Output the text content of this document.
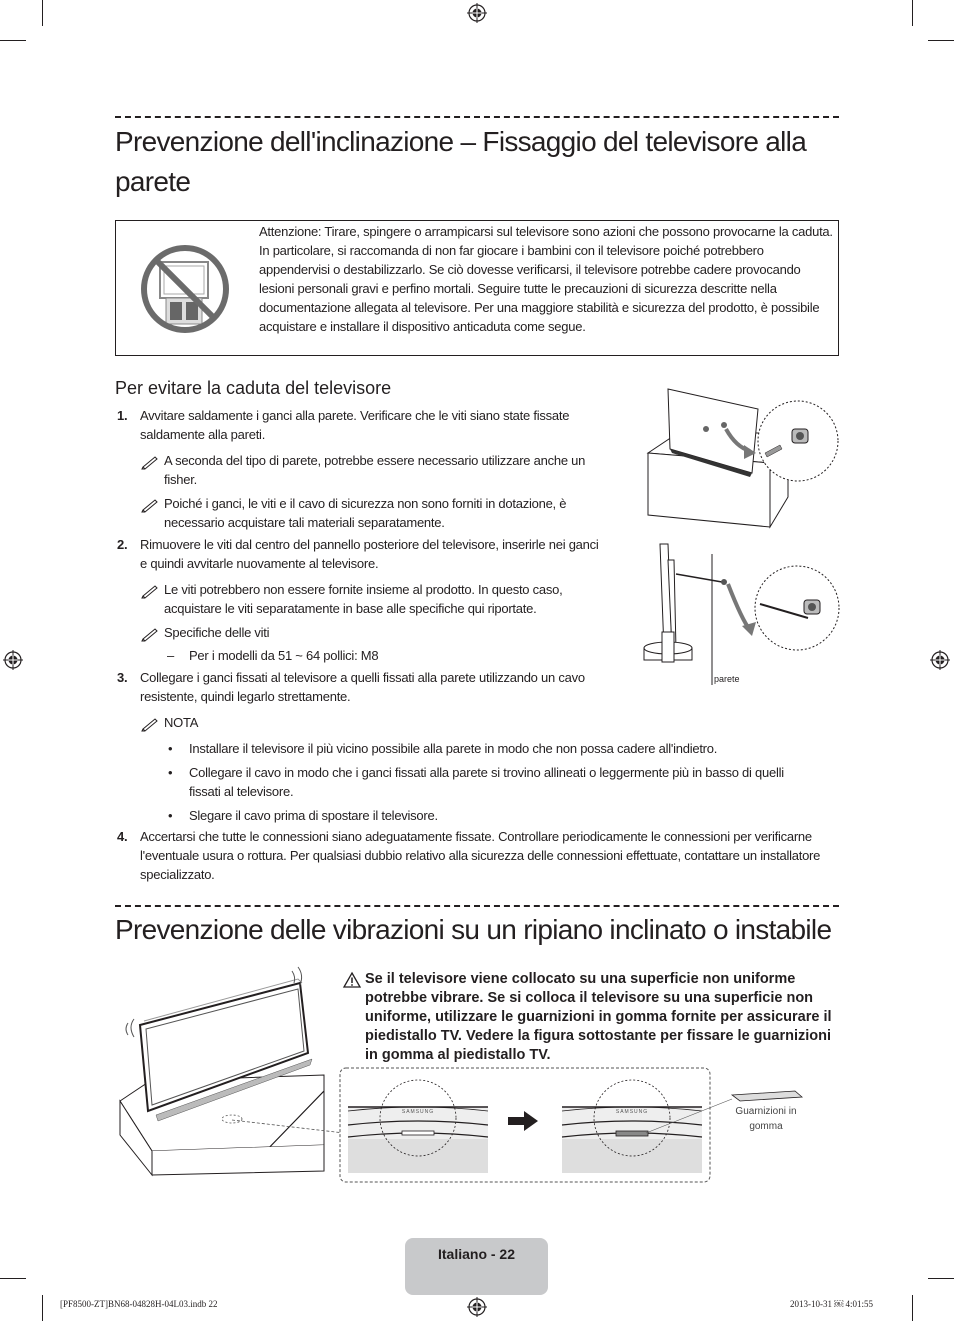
Prevenzione dell'inclinazione – Fissaggio del televisore alla parete
Attenzione: Tirare, spingere o arrampicarsi sul televisore sono azioni che possono provocarne la caduta. In particolare, si raccomanda di non far giocare i bambini con il televisore poiché potrebbero appendervisi o destabilizzarlo. Se ciò dovesse verificarsi, il televisore potrebbe cadere provocando lesioni personali gravi e perfino mortali. Seguire tutte le precauzioni di sicurezza descritte nella documentazione allegata al televisore. Per una maggiore stabilità e sicurezza del prodotto, è possibile acquistare e installare il dispositivo anticaduta come segue.
Per evitare la caduta del televisore
1. Avvitare saldamente i ganci alla parete. Verificare che le viti siano state fissate saldamente alla pareti.
A seconda del tipo di parete, potrebbe essere necessario utilizzare anche un fisher.
Poiché i ganci, le viti e il cavo di sicurezza non sono forniti in dotazione, è necessario acquistare tali materiali separatamente.
2. Rimuovere le viti dal centro del pannello posteriore del televisore, inserirle nei ganci e quindi avvitarle nuovamente al televisore.
Le viti potrebbero non essere fornite insieme al prodotto. In questo caso, acquistare le viti separatamente in base alle specifiche qui riportate.
Specifiche delle viti
– Per i modelli da 51 ~ 64 pollici: M8
3. Collegare i ganci fissati al televisore a quelli fissati alla parete utilizzando un cavo resistente, quindi legarlo strettamente.
NOTA
• Installare il televisore il più vicino possibile alla parete in modo che non possa cadere all'indietro.
• Collegare il cavo in modo che i ganci fissati alla parete si trovino allineati o leggermente più in basso di quelli fissati al televisore.
• Slegare il cavo prima di spostare il televisore.
4. Accertarsi che tutte le connessioni siano adeguatamente fissate. Controllare periodicamente le connessioni per verificarne l'eventuale usura o rottura. Per qualsiasi dubbio relativo alla sicurezza delle connessioni effettuate, contattare un installatore specializzato.
parete
Prevenzione delle vibrazioni su un ripiano inclinato o instabile
Se il televisore viene collocato su una superficie non uniforme potrebbe vibrare. Se si colloca il televisore su una superficie non uniforme, utilizzare le guarnizioni in gomma fornite per assicurare il piedistallo TV. Vedere la figura sottostante per fissare le guarnizioni in gomma al piedistallo TV.
SAMSUNG	SAMSUNG	Guarnizioni in gomma
Italiano - 22
[PF8500-ZT]BN68-04828H-04L03.indb 22	2013-10-31 ￼ 4:01:55
